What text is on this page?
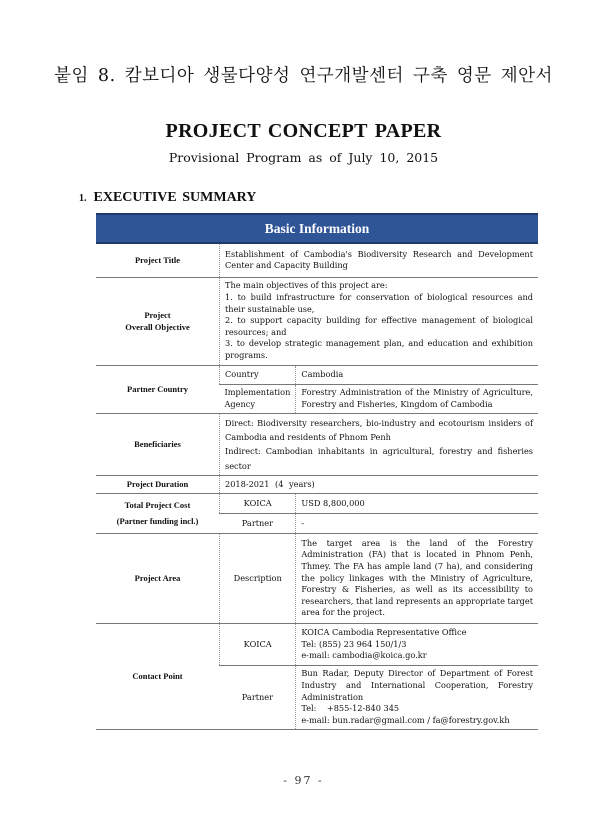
붙임 8. 캄보디아 생물다양성 연구개발센터 구축 영문 제안서
PROJECT CONCEPT PAPER
Provisional Program as of July 10, 2015
1. EXECUTIVE SUMMARY
Basic Information		
Project Title	Establishment of Cambodia's Biodiversity Research and Development Center and Capacity Building	

Project
Overall Objective	The main objectives of this project are:
1. to build infrastructure for conservation of biological resources and their sustainable use,
2. to support capacity building for effective management of biological resources; and
3. to develop strategic management plan, and education and exhibition programs.	

Partner Country	Country	Cambodia
	Implementation Agency	Forestry Administration of the Ministry of Agriculture, Forestry and Fisheries, Kingdom of Cambodia
Beneficiaries	Direct: Biodiversity researchers, bio-industry and ecotourism insiders of Cambodia and residents of Phnom Penh
Indirect: Cambodian inhabitants in agricultural, forestry and fisheries sector	

Project Duration	2018-2021 (4 years)	

Total Project Cost
(Partner funding incl.)	KOICA	USD 8,800,000
	Partner	-
Project Area	Description	The target area is the land of the Forestry Administration (FA) that is located in Phnom Penh, Thmey. The FA has ample land (7 ha), and considering the policy linkages with the Ministry of Agriculture, Forestry & Fisheries, as well as its accessibility to researchers, that land represents an appropriate target area for the project.
Contact Point	KOICA	KOICA Cambodia Representative Office
Tel: (855) 23 964 150/1/3
e-mail: cambodia@koica.go.kr

	Partner	Bun Radar, Deputy Director of Department of Forest Industry and International Cooperation, Forestry Administration
Tel:    +855-12-840 345
e-mail: bun.radar@gmail.com / fa@forestry.gov.kh
- 97 -
